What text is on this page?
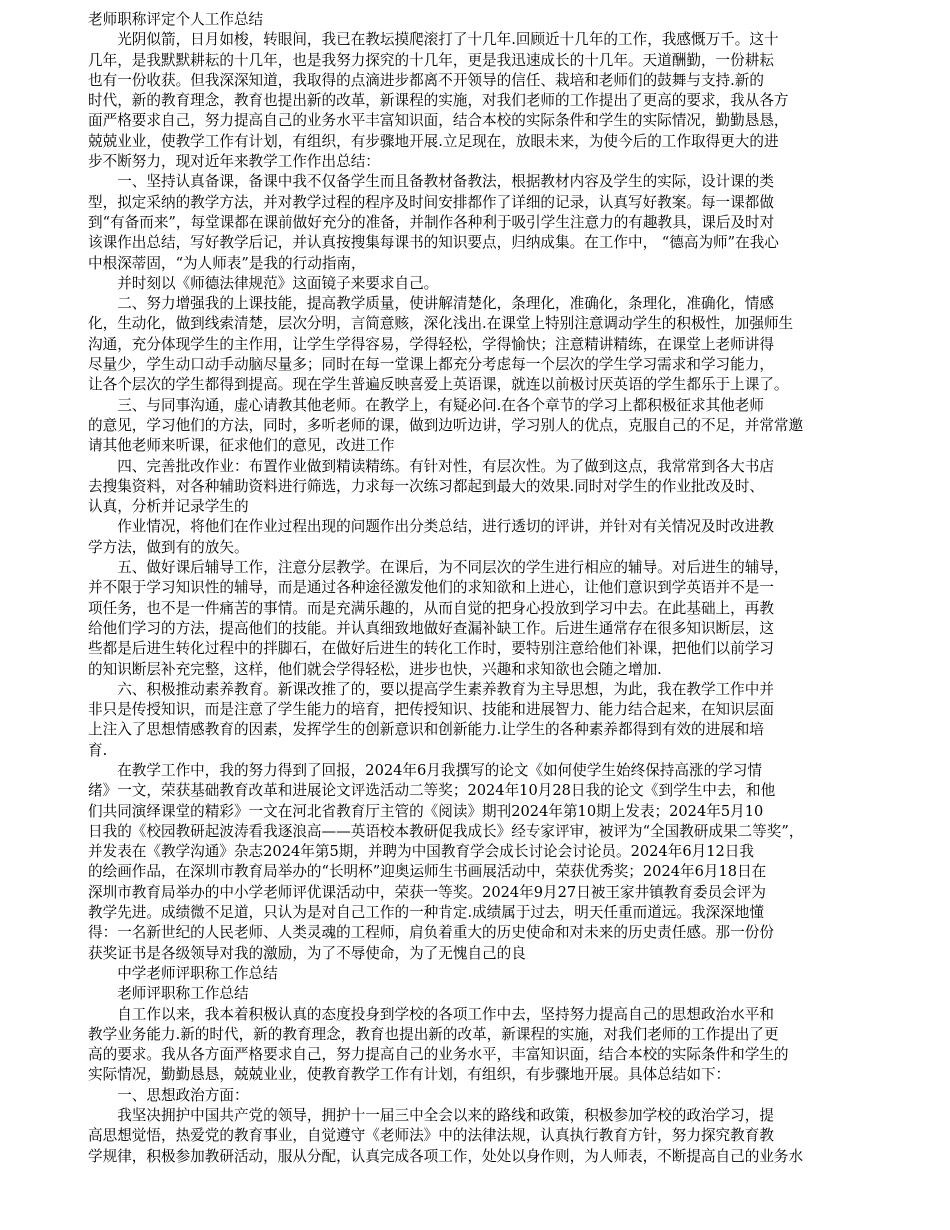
老师职称评定个人工作总结
光阴似箭，日月如梭，转眼间，我已在教坛摸爬滚打了十几年.回顾近十几年的工作，我感慨万千。这十
几年，是我默默耕耘的十几年，也是我努力探究的十几年，更是我迅速成长的十几年。天道酬勤，一份耕耘
也有一份收获。但我深深知道，我取得的点滴进步都离不开领导的信任、栽培和老师们的鼓舞与支持.新的
时代，新的教育理念，教育也提出新的改革，新课程的实施，对我们老师的工作提出了更高的要求，我从各方
面严格要求自己，努力提高自己的业务水平丰富知识面，结合本校的实际条件和学生的实际情况，勤勤恳恳，
兢兢业业，使教学工作有计划，有组织，有步骤地开展.立足现在，放眼未来，为使今后的工作取得更大的进
步不断努力，现对近年来教学工作作出总结：
一、坚持认真备课，备课中我不仅备学生而且备教材备教法，根据教材内容及学生的实际，设计课的类
型，拟定采纳的教学方法，并对教学过程的程序及时间安排都作了详细的记录，认真写好教案。每一课都做
到“有备而来”，每堂课都在课前做好充分的准备，并制作各种利于吸引学生注意力的有趣教具，课后及时对
该课作出总结，写好教学后记，并认真按搜集每课书的知识要点，归纳成集。在工作中， “德高为师”在我心
中根深蒂固，“为人师表”是我的行动指南，
并时刻以《师德法律规范》这面镜子来要求自己。
二、努力增强我的上课技能，提高教学质量，使讲解清楚化，条理化，准确化，条理化，准确化，情感
化，生动化，做到线索清楚，层次分明，言简意赅，深化浅出.在课堂上特别注意调动学生的积极性，加强师生
沟通，充分体现学生的主作用，让学生学得容易，学得轻松，学得愉快；注意精讲精练，在课堂上老师讲得
尽量少，学生动口动手动脑尽量多；同时在每一堂课上都充分考虑每一个层次的学生学习需求和学习能力，
让各个层次的学生都得到提高。现在学生普遍反映喜爱上英语课，就连以前极讨厌英语的学生都乐于上课了。
三、与同事沟通，虚心请教其他老师。在教学上，有疑必问.在各个章节的学习上都积极征求其他老师
的意见，学习他们的方法，同时，多听老师的课，做到边听边讲，学习别人的优点，克服自己的不足，并常常邀
请其他老师来听课，征求他们的意见，改进工作
四、完善批改作业：布置作业做到精读精练。有针对性，有层次性。为了做到这点，我常常到各大书店
去搜集资料，对各种辅助资料进行筛选，力求每一次练习都起到最大的效果.同时对学生的作业批改及时、
认真，分析并记录学生的
作业情况，将他们在作业过程出现的问题作出分类总结，进行透切的评讲，并针对有关情况及时改进教
学方法，做到有的放矢。
五、做好课后辅导工作，注意分层教学。在课后，为不同层次的学生进行相应的辅导。对后进生的辅导，
并不限于学习知识性的辅导，而是通过各种途径激发他们的求知欲和上进心，让他们意识到学英语并不是一
项任务，也不是一件痛苦的事情。而是充满乐趣的，从而自觉的把身心投放到学习中去。在此基础上，再教
给他们学习的方法，提高他们的技能。并认真细致地做好查漏补缺工作。后进生通常存在很多知识断层，这
些都是后进生转化过程中的拌脚石，在做好后进生的转化工作时，要特别注意给他们补课，把他们以前学习
的知识断层补充完整，这样，他们就会学得轻松，进步也快，兴趣和求知欲也会随之增加.
六、积极推动素养教育。新课改推了的，要以提高学生素养教育为主导思想，为此，我在教学工作中并
非只是传授知识，而是注意了学生能力的培育，把传授知识、技能和进展智力、能力结合起来，在知识层面
上注入了思想情感教育的因素，发挥学生的创新意识和创新能力.让学生的各种素养都得到有效的进展和培
育.
在教学工作中，我的努力得到了回报，2024年6月我撰写的论文《如何使学生始终保持高涨的学习情
绪》一文，荣获基础教育改革和进展论文评选活动二等奖；2024年10月28日我的论文《到学生中去，和他
们共同演绎课堂的精彩》一文在河北省教育厅主管的《阅读》期刊2024年第10期上发表；2024年5月10
日我的《校园教研起波涛看我逐浪高——英语校本教研促我成长》经专家评审，被评为“全国教研成果二等奖”，
并发表在《教学沟通》杂志2024年第5期，并聘为中国教育学会成长讨论会讨论员。2024年6月12日我
的绘画作品，在深圳市教育局举办的“长明杯”迎奥运师生书画展活动中，荣获优秀奖；2024年6月18日在
深圳市教育局举办的中小学老师评优课活动中，荣获一等奖。2024年9月27日被王家井镇教育委员会评为
教学先进。成绩微不足道，只认为是对自己工作的一种肯定.成绩属于过去，明天任重而道远。我深深地懂
得：一名新世纪的人民老师、人类灵魂的工程师，肩负着重大的历史使命和对未来的历史责任感。那一份份
获奖证书是各级领导对我的激励，为了不辱使命，为了无愧自己的良
中学老师评职称工作总结
老师评职称工作总结
自工作以来，我本着积极认真的态度投身到学校的各项工作中去，坚持努力提高自己的思想政治水平和
教学业务能力.新的时代，新的教育理念，教育也提出新的改革，新课程的实施，对我们老师的工作提出了更
高的要求。我从各方面严格要求自己，努力提高自己的业务水平，丰富知识面，结合本校的实际条件和学生的
实际情况，勤勤恳恳，兢兢业业，使教育教学工作有计划，有组织，有步骤地开展。具体总结如下：
一、思想政治方面：
我坚决拥护中国共产党的领导，拥护十一届三中全会以来的路线和政策，积极参加学校的政治学习，提
高思想觉悟，热爱党的教育事业，自觉遵守《老师法》中的法律法规，认真执行教育方针，努力探究教育教
学规律，积极参加教研活动，服从分配，认真完成各项工作，处处以身作则，为人师表，不断提高自己的业务水
